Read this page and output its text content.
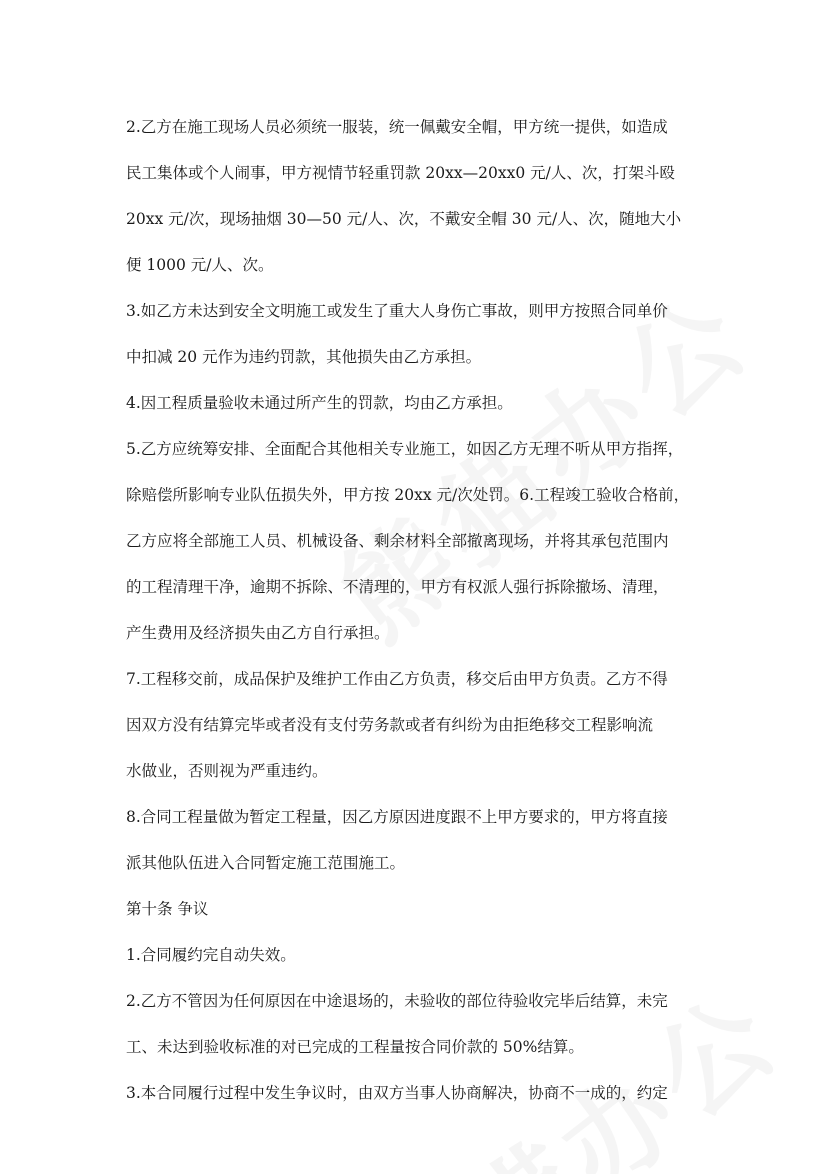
2.乙方在施工现场人员必须统一服装，统一佩戴安全帽，甲方统一提供，如造成
民工集体或个人闹事，甲方视情节轻重罚款 20xx—20xx0 元/人、次，打架斗殴
20xx 元/次，现场抽烟 30—50 元/人、次，不戴安全帽 30 元/人、次，随地大小
便 1000 元/人、次。

3.如乙方未达到安全文明施工或发生了重大人身伤亡事故，则甲方按照合同单价
中扣减 20 元作为违约罚款，其他损失由乙方承担。

4.因工程质量验收未通过所产生的罚款，均由乙方承担。

5.乙方应统筹安排、全面配合其他相关专业施工，如因乙方无理不听从甲方指挥，
除赔偿所影响专业队伍损失外，甲方按 20xx 元/次处罚。6.工程竣工验收合格前，
乙方应将全部施工人员、机械设备、剩余材料全部撤离现场，并将其承包范围内
的工程清理干净，逾期不拆除、不清理的，甲方有权派人强行拆除撤场、清理，
产生费用及经济损失由乙方自行承担。

7.工程移交前，成品保护及维护工作由乙方负责，移交后由甲方负责。乙方不得
因双方没有结算完毕或者没有支付劳务款或者有纠纷为由拒绝移交工程影响流
水做业，否则视为严重违约。

8.合同工程量做为暂定工程量，因乙方原因进度跟不上甲方要求的，甲方将直接
派其他队伍进入合同暂定施工范围施工。

第十条 争议

1.合同履约完自动失效。

2.乙方不管因为任何原因在中途退场的，未验收的部位待验收完毕后结算，未完
工、未达到验收标准的对已完成的工程量按合同价款的 50%结算。

3.本合同履行过程中发生争议时，由双方当事人协商解决，协商不一成的，约定
